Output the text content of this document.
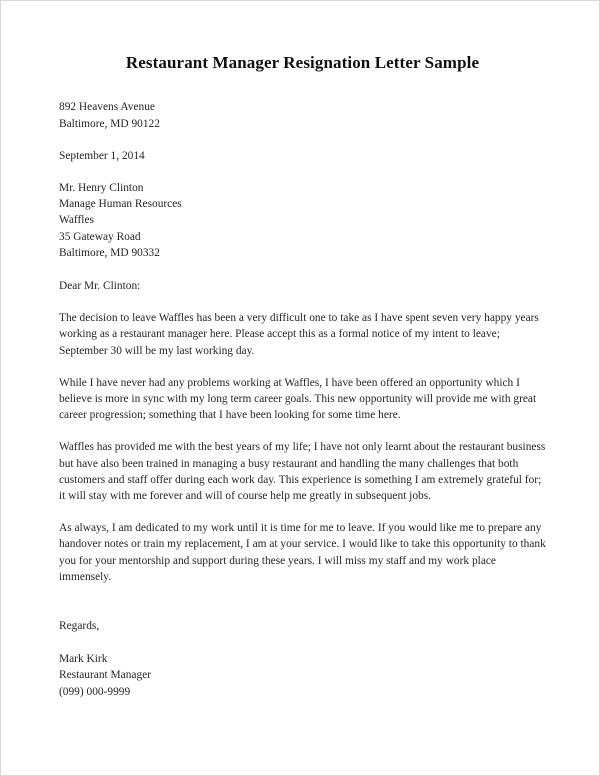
Restaurant Manager Resignation Letter Sample
892 Heavens Avenue
Baltimore, MD 90122
September 1, 2014
Mr. Henry Clinton
Manage Human Resources
Waffles
35 Gateway Road
Baltimore, MD 90332
Dear Mr. Clinton:
The decision to leave Waffles has been a very difficult one to take as I have spent seven very happy years working as a restaurant manager here. Please accept this as a formal notice of my intent to leave; September 30 will be my last working day.
While I have never had any problems working at Waffles, I have been offered an opportunity which I believe is more in sync with my long term career goals. This new opportunity will provide me with great career progression; something that I have been looking for some time here.
Waffles has provided me with the best years of my life; I have not only learnt about the restaurant business but have also been trained in managing a busy restaurant and handling the many challenges that both customers and staff offer during each work day. This experience is something I am extremely grateful for; it will stay with me forever and will of course help me greatly in subsequent jobs.
As always, I am dedicated to my work until it is time for me to leave. If you would like me to prepare any handover notes or train my replacement, I am at your service. I would like to take this opportunity to thank you for your mentorship and support during these years. I will miss my staff and my work place immensely.
Regards,
Mark Kirk
Restaurant Manager
(099) 000-9999
